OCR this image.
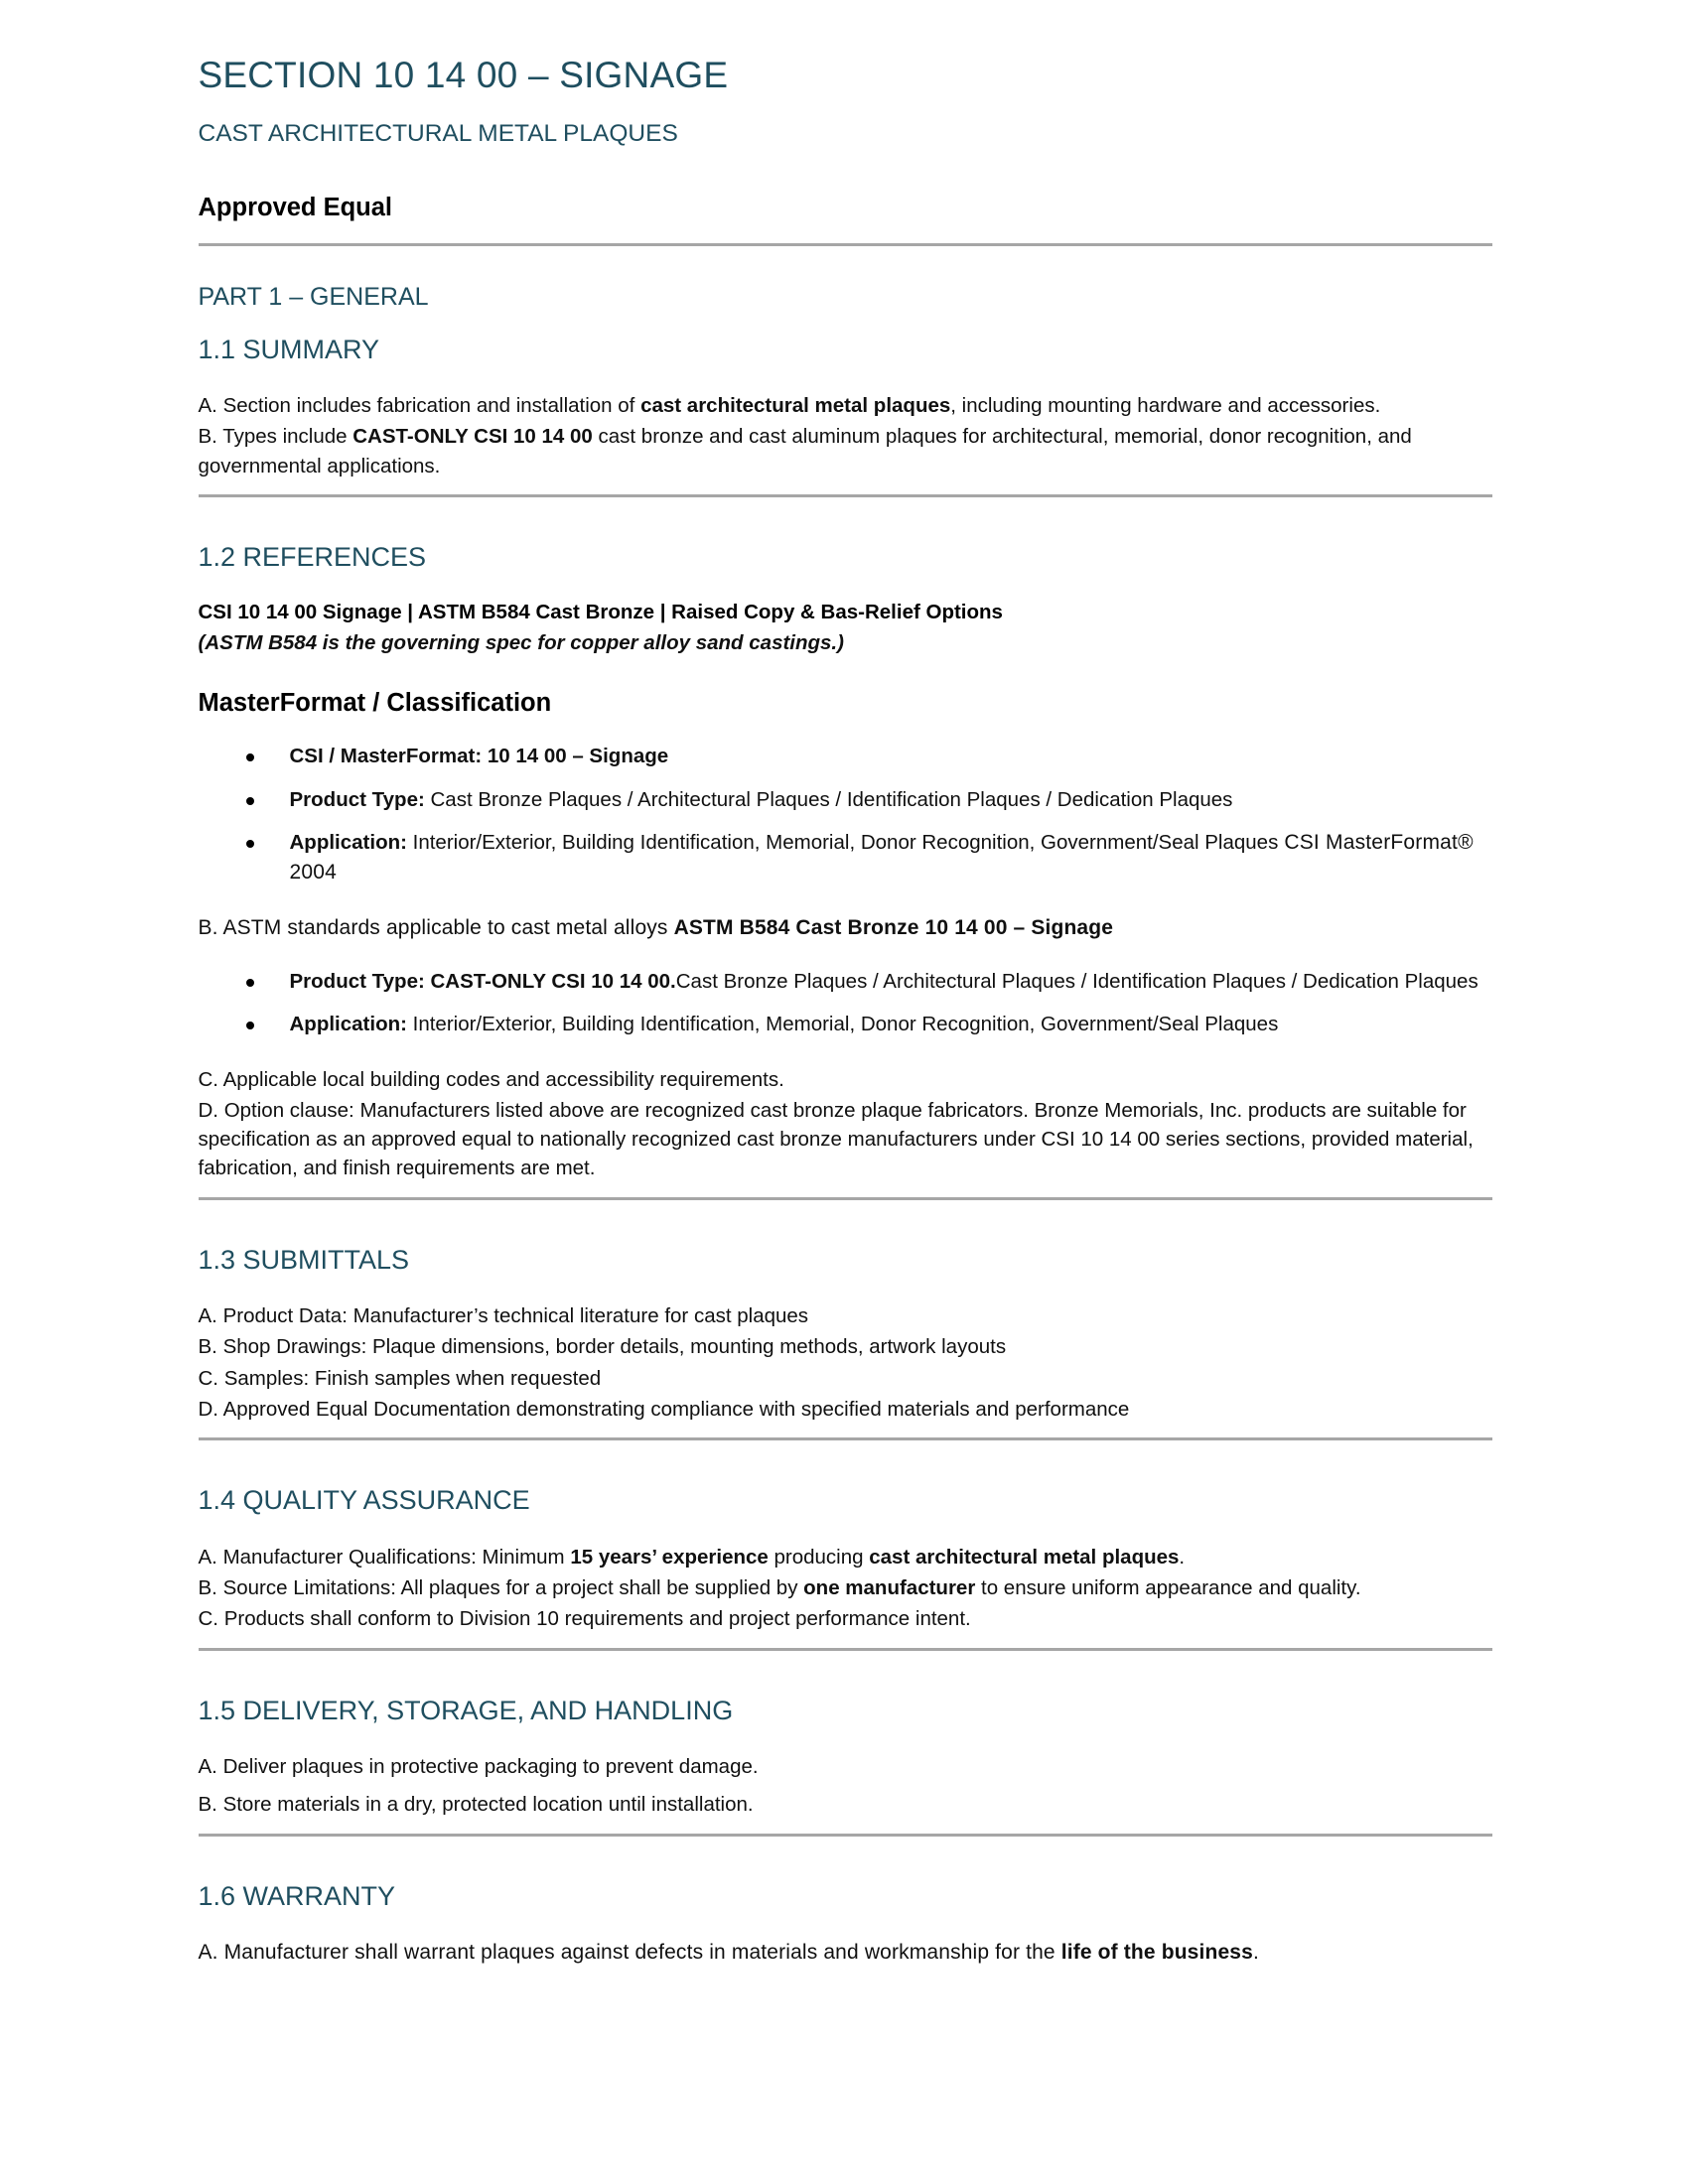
SECTION 10 14 00 – SIGNAGE
CAST ARCHITECTURAL METAL PLAQUES
Approved Equal
PART 1 – GENERAL
1.1 SUMMARY

A. Section includes fabrication and installation of cast architectural metal plaques, including mounting hardware and accessories.

B. Types include CAST-ONLY CSI 10 14 00 cast bronze and cast aluminum plaques for architectural, memorial, donor recognition, and governmental applications.

1.2 REFERENCES

CSI 10 14 00 Signage | ASTM B584 Cast Bronze | Raised Copy & Bas-Relief Options

(ASTM B584 is the governing spec for copper alloy sand castings.)

MasterFormat / Classification
CSI / MasterFormat: 10 14 00 – Signage
Product Type: Cast Bronze Plaques / Architectural Plaques / Identification Plaques / Dedication Plaques
Application: Interior/Exterior, Building Identification, Memorial, Donor Recognition, Government/Seal Plaques CSI MasterFormat® 2004

B. ASTM standards applicable to cast metal alloys ASTM B584 Cast Bronze 10 14 00 – Signage

Product Type: CAST-ONLY CSI 10 14 00.Cast Bronze Plaques / Architectural Plaques / Identification Plaques / Dedication Plaques
Application: Interior/Exterior, Building Identification, Memorial, Donor Recognition, Government/Seal Plaques

C. Applicable local building codes and accessibility requirements.

D. Option clause: Manufacturers listed above are recognized cast bronze plaque fabricators. Bronze Memorials, Inc. products are suitable for specification as an approved equal to nationally recognized cast bronze manufacturers under CSI 10 14 00 series sections, provided material, fabrication, and finish requirements are met.

1.3 SUBMITTALS

A. Product Data: Manufacturer’s technical literature for cast plaques

B. Shop Drawings: Plaque dimensions, border details, mounting methods, artwork layouts

C. Samples: Finish samples when requested

D. Approved Equal Documentation demonstrating compliance with specified materials and performance

1.4 QUALITY ASSURANCE

A. Manufacturer Qualifications: Minimum 15 years’ experience producing cast architectural metal plaques.

B. Source Limitations: All plaques for a project shall be supplied by one manufacturer to ensure uniform appearance and quality.

C. Products shall conform to Division 10 requirements and project performance intent.

1.5 DELIVERY, STORAGE, AND HANDLING

A. Deliver plaques in protective packaging to prevent damage.

B. Store materials in a dry, protected location until installation.

1.6 WARRANTY

A. Manufacturer shall warrant plaques against defects in materials and workmanship for the life of the business.
